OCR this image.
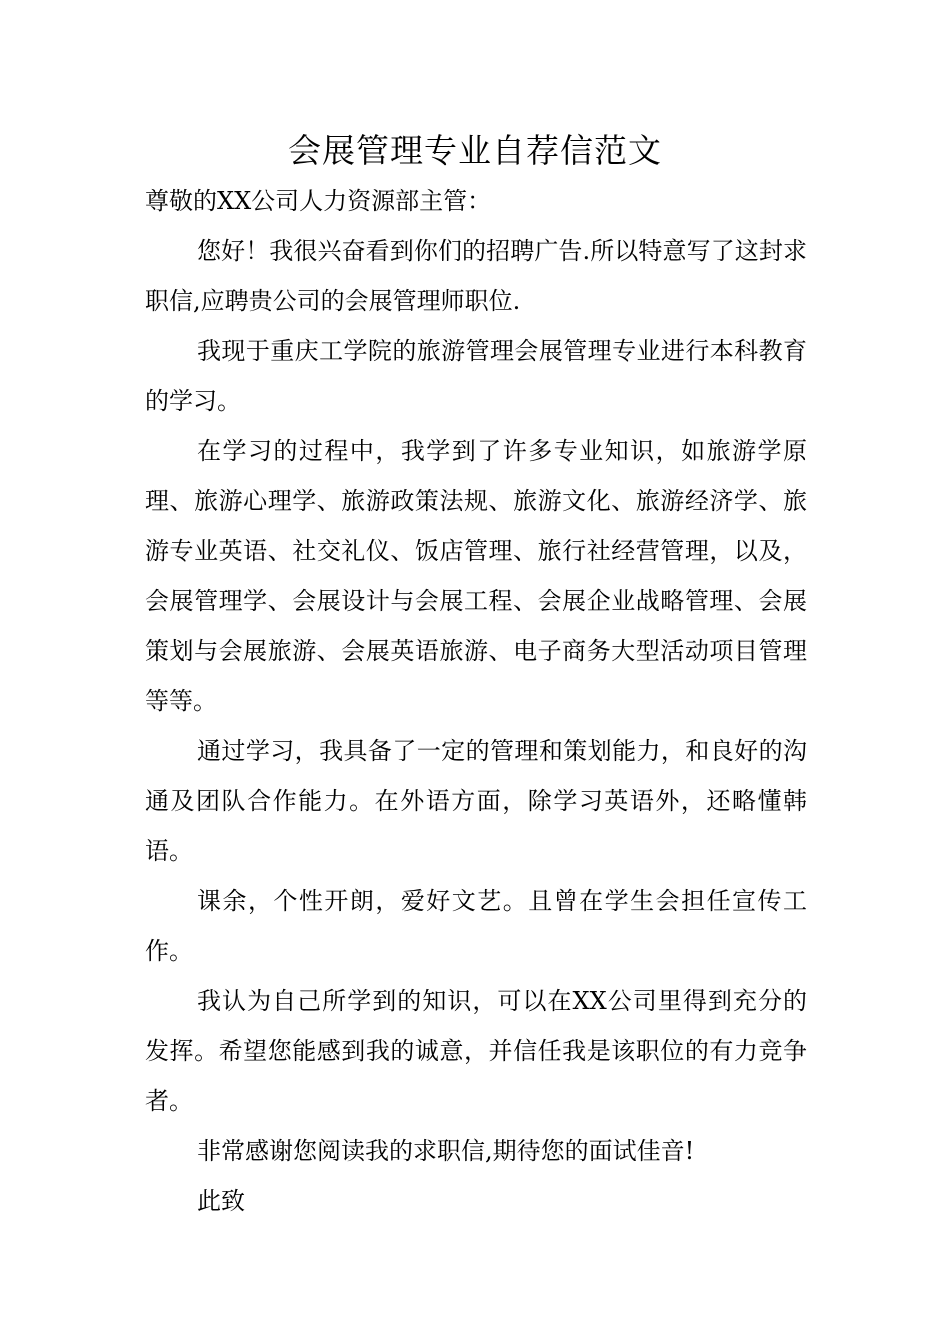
会展管理专业自荐信范文

尊敬的XX公司人力资源部主管：

您好！我很兴奋看到你们的招聘广告.所以特意写了这封求职信,应聘贵公司的会展管理师职位.

我现于重庆工学院的旅游管理会展管理专业进行本科教育的学习。

在学习的过程中，我学到了许多专业知识，如旅游学原理、旅游心理学、旅游政策法规、旅游文化、旅游经济学、旅游专业英语、社交礼仪、饭店管理、旅行社经营管理，以及，会展管理学、会展设计与会展工程、会展企业战略管理、会展策划与会展旅游、会展英语旅游、电子商务大型活动项目管理等等。

通过学习，我具备了一定的管理和策划能力，和良好的沟通及团队合作能力。在外语方面，除学习英语外，还略懂韩语。

课余，个性开朗，爱好文艺。且曾在学生会担任宣传工作。

我认为自己所学到的知识，可以在XX公司里得到充分的发挥。希望您能感到我的诚意，并信任我是该职位的有力竞争者。

非常感谢您阅读我的求职信,期待您的面试佳音!

此致
